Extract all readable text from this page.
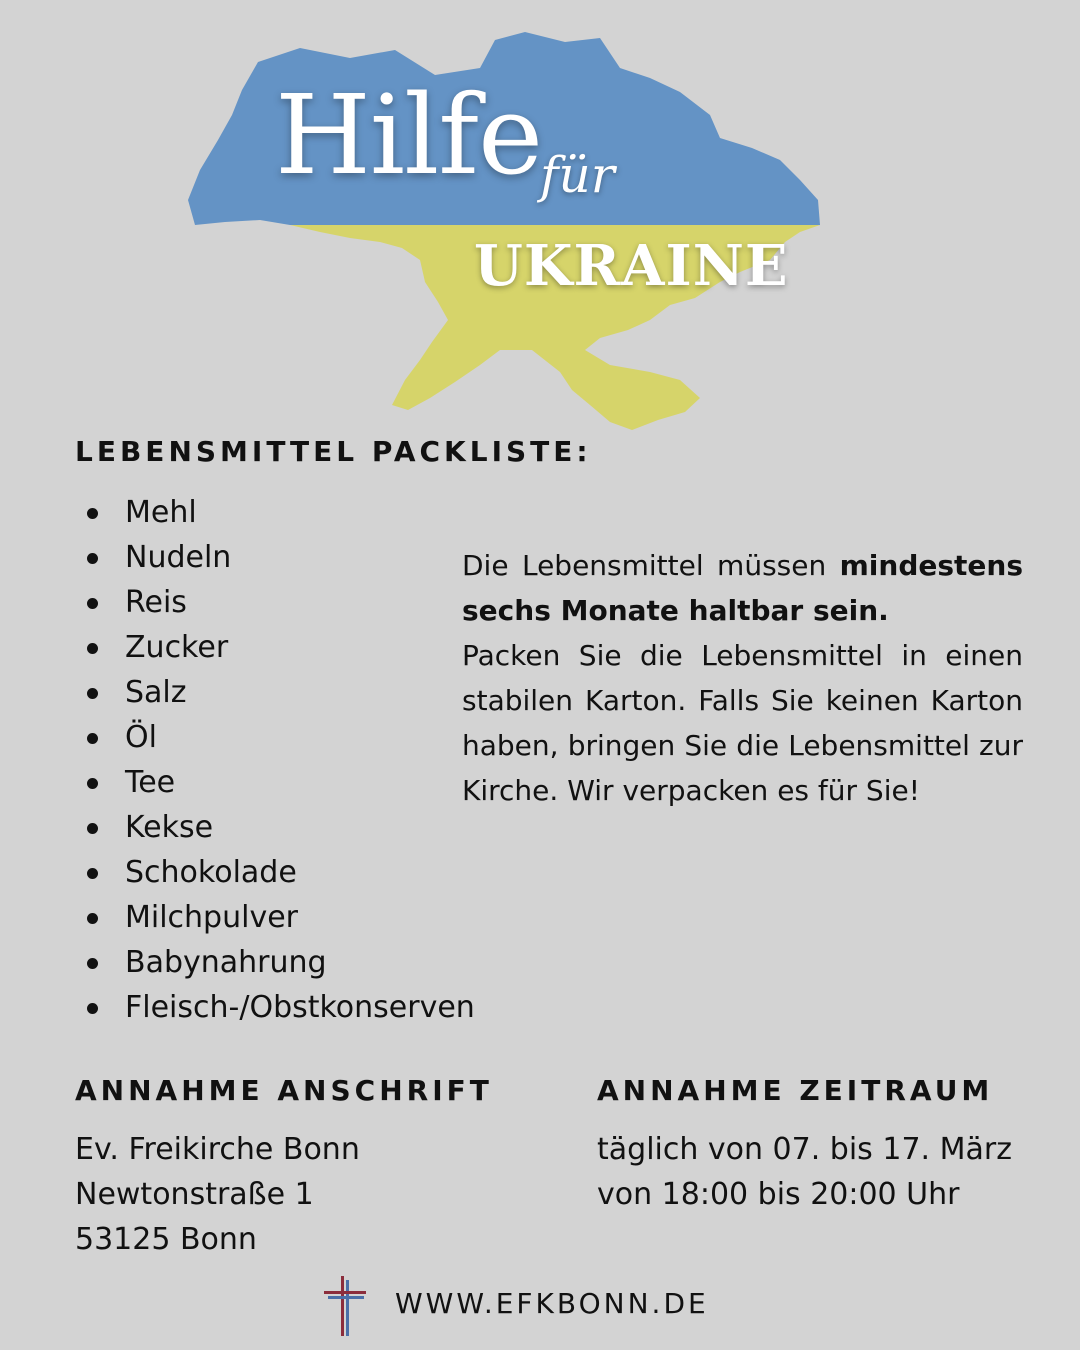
Hilfe
für
UKRAINE
LEBENSMITTEL PACKLISTE:
Mehl
Nudeln
Reis
Zucker
Salz
Öl
Tee
Kekse
Schokolade
Milchpulver
Babynahrung
Fleisch-/Obstkonserven

Die Lebensmittel müssen mindestens sechs Monate haltbar sein.
Packen Sie die Lebensmittel in einen stabilen Karton. Falls Sie keinen Karton haben, bringen Sie die Lebensmittel zur Kirche. Wir verpacken es für Sie!

ANNAHME ANSCHRIFT
Ev. Freikirche Bonn
Newtonstraße 1
53125 Bonn
ANNAHME ZEITRAUM
täglich von 07. bis 17. März
von 18:00 bis 20:00 Uhr
WWW.EFKBONN.DE
